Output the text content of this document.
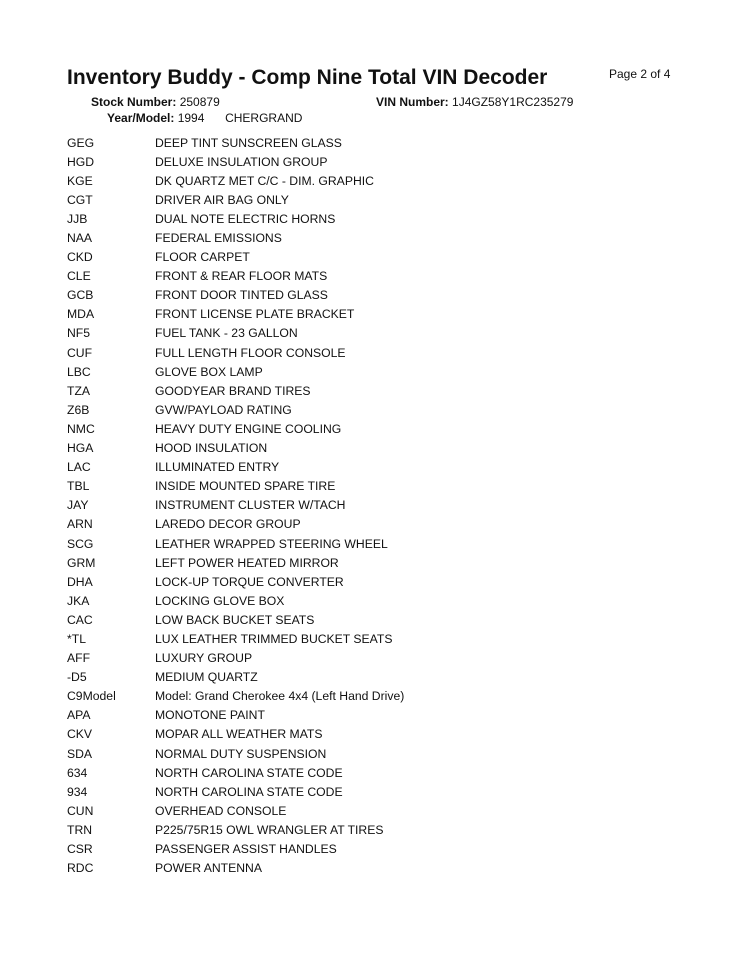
Inventory Buddy - Comp Nine Total VIN Decoder	Page 2 of 4
Stock Number: 250879	VIN Number: 1J4GZ58Y1RC235279
Year/Model: 1994 CHERGRAND
GEG	DEEP TINT SUNSCREEN GLASS
HGD	DELUXE INSULATION GROUP
KGE	DK QUARTZ MET C/C - DIM. GRAPHIC
CGT	DRIVER AIR BAG ONLY
JJB	DUAL NOTE ELECTRIC HORNS
NAA	FEDERAL EMISSIONS
CKD	FLOOR CARPET
CLE	FRONT & REAR FLOOR MATS
GCB	FRONT DOOR TINTED GLASS
MDA	FRONT LICENSE PLATE BRACKET
NF5	FUEL TANK - 23 GALLON
CUF	FULL LENGTH FLOOR CONSOLE
LBC	GLOVE BOX LAMP
TZA	GOODYEAR BRAND TIRES
Z6B	GVW/PAYLOAD RATING
NMC	HEAVY DUTY ENGINE COOLING
HGA	HOOD INSULATION
LAC	ILLUMINATED ENTRY
TBL	INSIDE MOUNTED SPARE TIRE
JAY	INSTRUMENT CLUSTER W/TACH
ARN	LAREDO DECOR GROUP
SCG	LEATHER WRAPPED STEERING WHEEL
GRM	LEFT POWER HEATED MIRROR
DHA	LOCK-UP TORQUE CONVERTER
JKA	LOCKING GLOVE BOX
CAC	LOW BACK BUCKET SEATS
*TL	LUX LEATHER TRIMMED BUCKET SEATS
AFF	LUXURY GROUP
-D5	MEDIUM QUARTZ
C9Model	Model: Grand Cherokee 4x4 (Left Hand Drive)
APA	MONOTONE PAINT
CKV	MOPAR ALL WEATHER MATS
SDA	NORMAL DUTY SUSPENSION
634	NORTH CAROLINA STATE CODE
934	NORTH CAROLINA STATE CODE
CUN	OVERHEAD CONSOLE
TRN	P225/75R15 OWL WRANGLER AT TIRES
CSR	PASSENGER ASSIST HANDLES
RDC	POWER ANTENNA
